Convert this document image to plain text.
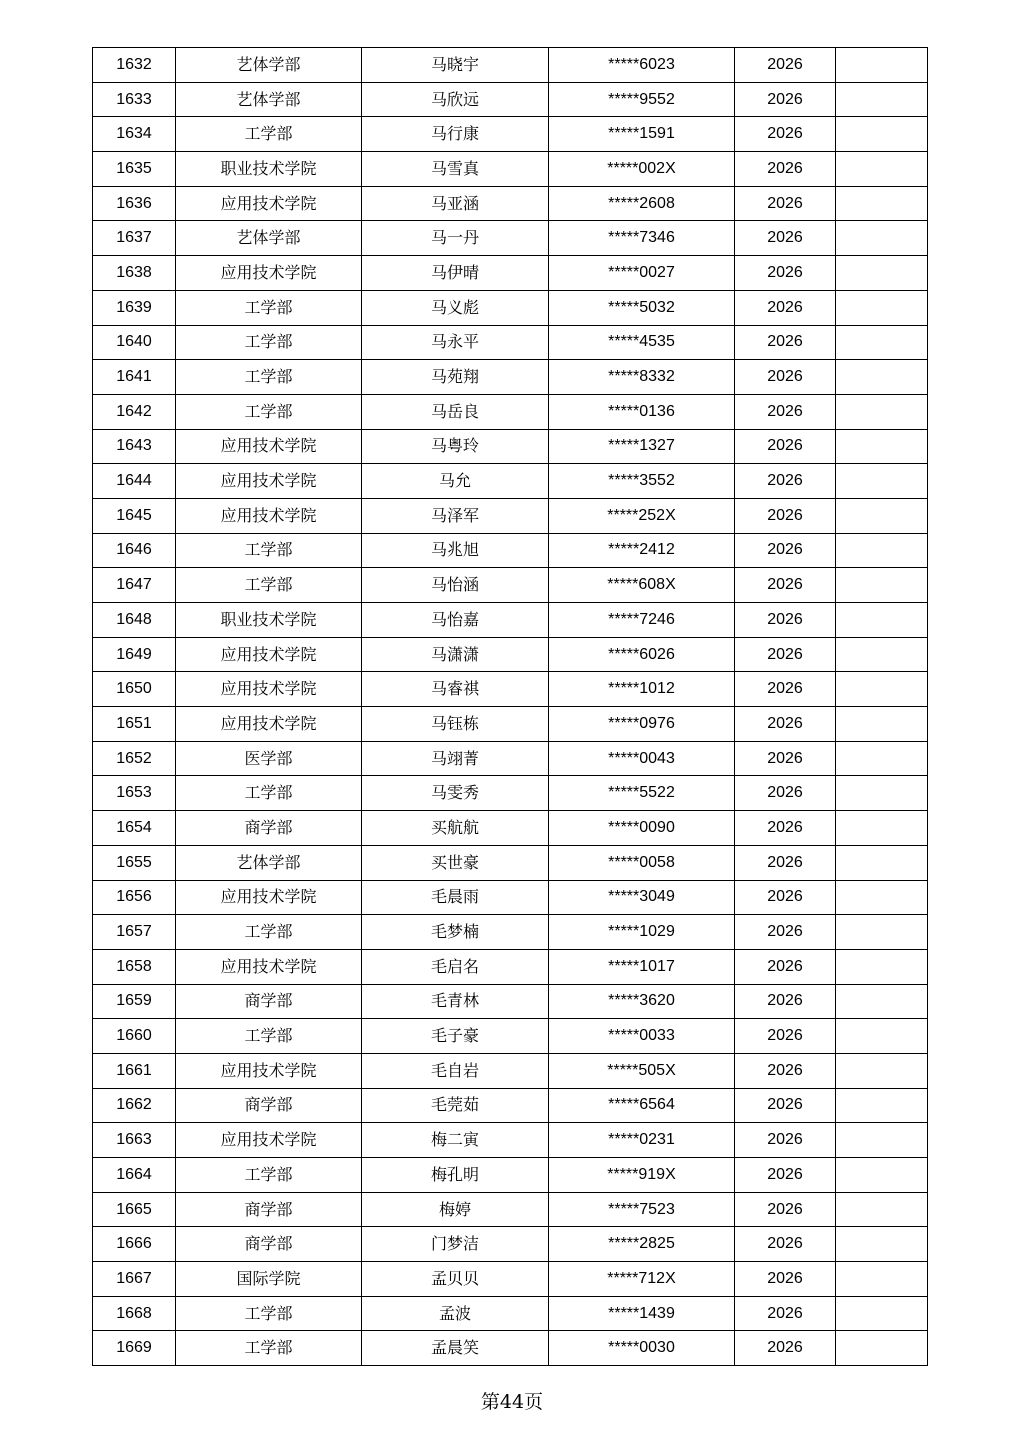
1632	艺体学部	马晓宇	*****6023	2026	
1633	艺体学部	马欣远	*****9552	2026	
1634	工学部	马行康	*****1591	2026	
1635	职业技术学院	马雪真	*****002X	2026	
1636	应用技术学院	马亚涵	*****2608	2026	
1637	艺体学部	马一丹	*****7346	2026	
1638	应用技术学院	马伊晴	*****0027	2026	
1639	工学部	马义彪	*****5032	2026	
1640	工学部	马永平	*****4535	2026	
1641	工学部	马苑翔	*****8332	2026	
1642	工学部	马岳良	*****0136	2026	
1643	应用技术学院	马粤玲	*****1327	2026	
1644	应用技术学院	马允	*****3552	2026	
1645	应用技术学院	马泽军	*****252X	2026	
1646	工学部	马兆旭	*****2412	2026	
1647	工学部	马怡涵	*****608X	2026	
1648	职业技术学院	马怡嘉	*****7246	2026	
1649	应用技术学院	马潇潇	*****6026	2026	
1650	应用技术学院	马睿祺	*****1012	2026	
1651	应用技术学院	马钰栋	*****0976	2026	
1652	医学部	马翊菁	*****0043	2026	
1653	工学部	马雯秀	*****5522	2026	
1654	商学部	买航航	*****0090	2026	
1655	艺体学部	买世豪	*****0058	2026	
1656	应用技术学院	毛晨雨	*****3049	2026	
1657	工学部	毛梦楠	*****1029	2026	
1658	应用技术学院	毛启名	*****1017	2026	
1659	商学部	毛青林	*****3620	2026	
1660	工学部	毛子豪	*****0033	2026	
1661	应用技术学院	毛自岩	*****505X	2026	
1662	商学部	毛莞茹	*****6564	2026	
1663	应用技术学院	梅二寅	*****0231	2026	
1664	工学部	梅孔明	*****919X	2026	
1665	商学部	梅婷	*****7523	2026	
1666	商学部	门梦洁	*****2825	2026	
1667	国际学院	孟贝贝	*****712X	2026	
1668	工学部	孟波	*****1439	2026	
1669	工学部	孟晨笑	*****0030	2026	
第44页
